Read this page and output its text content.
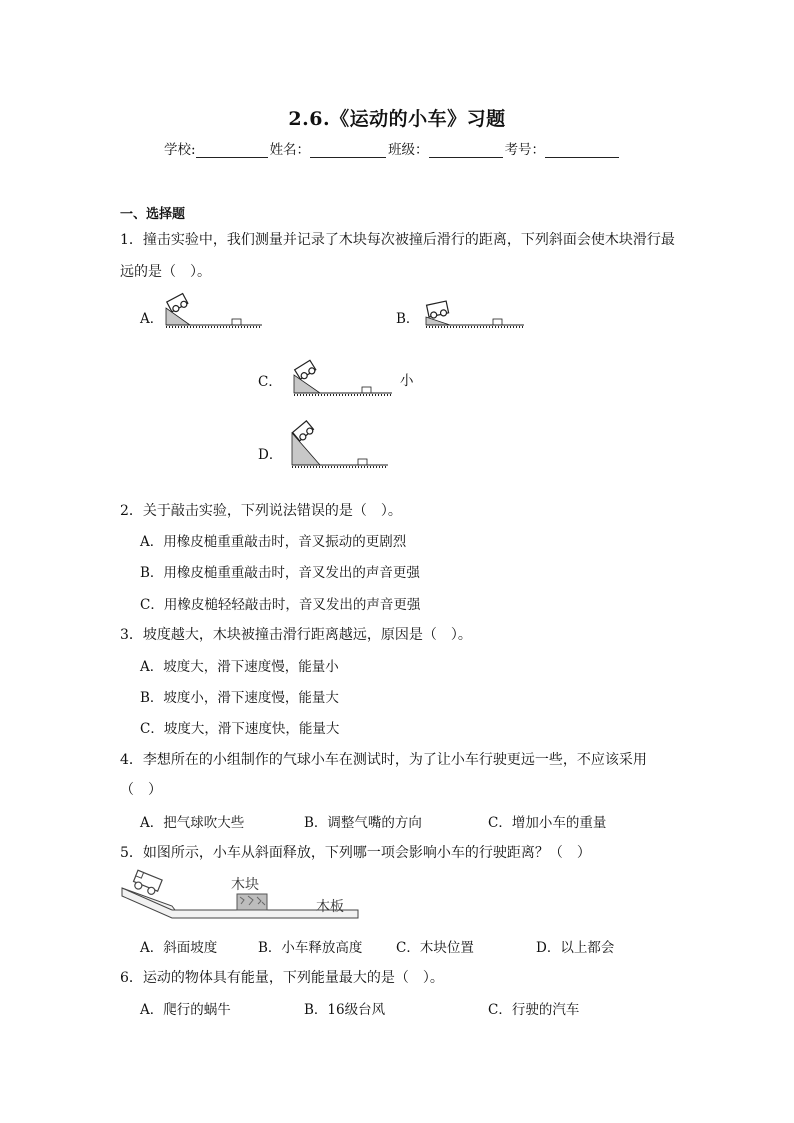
2.6.《运动的小车》习题
学校:	姓名：	班级：	考号：
一、选择题
1．撞击实验中，我们测量并记录了木块每次被撞后滑行的距离，下列斜面会使木块滑行最
远的是（　）。
A．	B．
C．
D．
小
2．关于敲击实验，下列说法错误的是（　）。
A．用橡皮槌重重敲击时，音叉振动的更剧烈
B．用橡皮槌重重敲击时，音叉发出的声音更强
C．用橡皮槌轻轻敲击时，音叉发出的声音更强
3．坡度越大，木块被撞击滑行距离越远，原因是（　）。
A．坡度大，滑下速度慢，能量小
B．坡度小，滑下速度慢，能量大
C．坡度大，滑下速度快，能量大
4．李想所在的小组制作的气球小车在测试时，为了让小车行驶更远一些，不应该采用
（　）
A．把气球吹大些	B．调整气嘴的方向	C．增加小车的重量
5．如图所示，小车从斜面释放，下列哪一项会影响小车的行驶距离？（　）
木块
木板
A．斜面坡度	B．小车释放高度 C．木块位置	D．以上都会
6．运动的物体具有能量，下列能量最大的是（　）。
A．爬行的蜗牛	B．16级台风	C．行驶的汽车
